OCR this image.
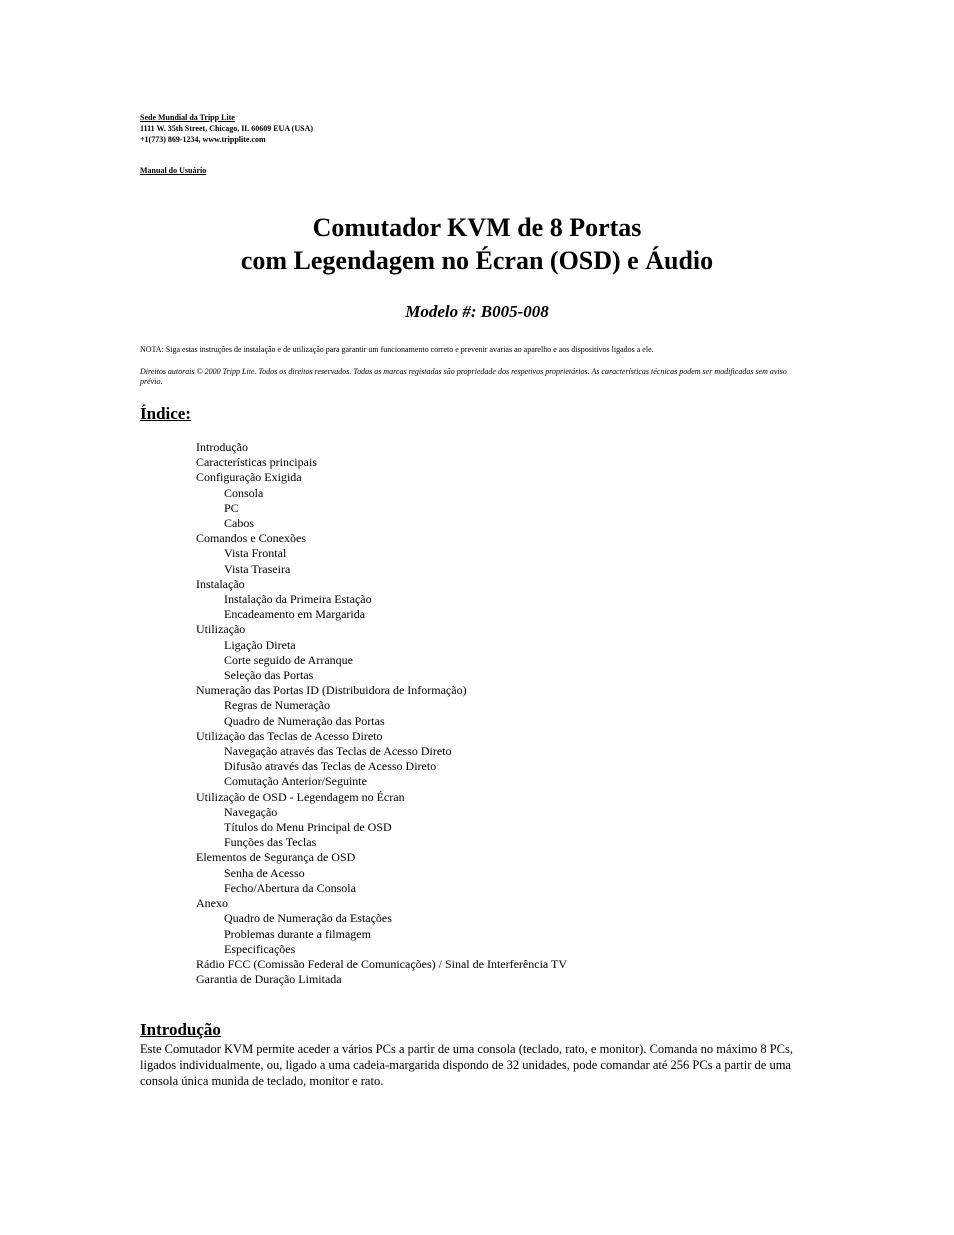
Sede Mundial da Tripp Lite
1111 W. 35th Street, Chicago, IL 60609 EUA (USA)
+1(773) 869-1234, www.tripplite.com
Manual do Usuário
Comutador KVM de 8 Portas
com Legendagem no Écran (OSD) e Áudio
Modelo #: B005-008
NOTA: Siga estas instruções de instalação e de utilização para garantir um funcionamento correto e prevenir avarias ao aparelho e aos dispositivos ligados a ele.
Direitos autorais © 2000 Tripp Lite. Todos os direitos reservados. Todas as marcas registadas são propriedade dos respetivos proprietários. As características técnicas podem ser modificadas sem aviso prévio.
Índice:
Introdução
Características principais
Configuração Exigida
Consola
PC
Cabos
Comandos e Conexões
Vista Frontal
Vista Traseira
Instalação
Instalação da Primeira Estação
Encadeamento em Margarida
Utilização
Ligação Direta
Corte seguido de Arranque
Seleção das Portas
Numeração das Portas ID (Distribuidora de Informação)
Regras de Numeração
Quadro de Numeração das Portas
Utilização das Teclas de Acesso Direto
Navegação através das Teclas de Acesso Direto
Difusão através das Teclas de Acesso Direto
Comutação Anterior/Seguinte
Utilização de OSD - Legendagem no Écran
Navegação
Títulos do Menu Principal de OSD
Funções das Teclas
Elementos de Segurança de OSD
Senha de Acesso
Fecho/Abertura da Consola
Anexo
Quadro de Numeração da Estações
Problemas durante a filmagem
Especificações
Rádio FCC (Comissão Federal de Comunicações) / Sinal de Interferência TV
Garantia de Duração Limitada
Introdução
Este Comutador KVM permite aceder a vários PCs a partir de uma consola (teclado, rato, e monitor). Comanda no máximo 8 PCs, ligados individualmente, ou, ligado a uma cadeia-margarida dispondo de 32 unidades, pode comandar até 256 PCs a partir de uma consola única munida de teclado, monitor e rato.
